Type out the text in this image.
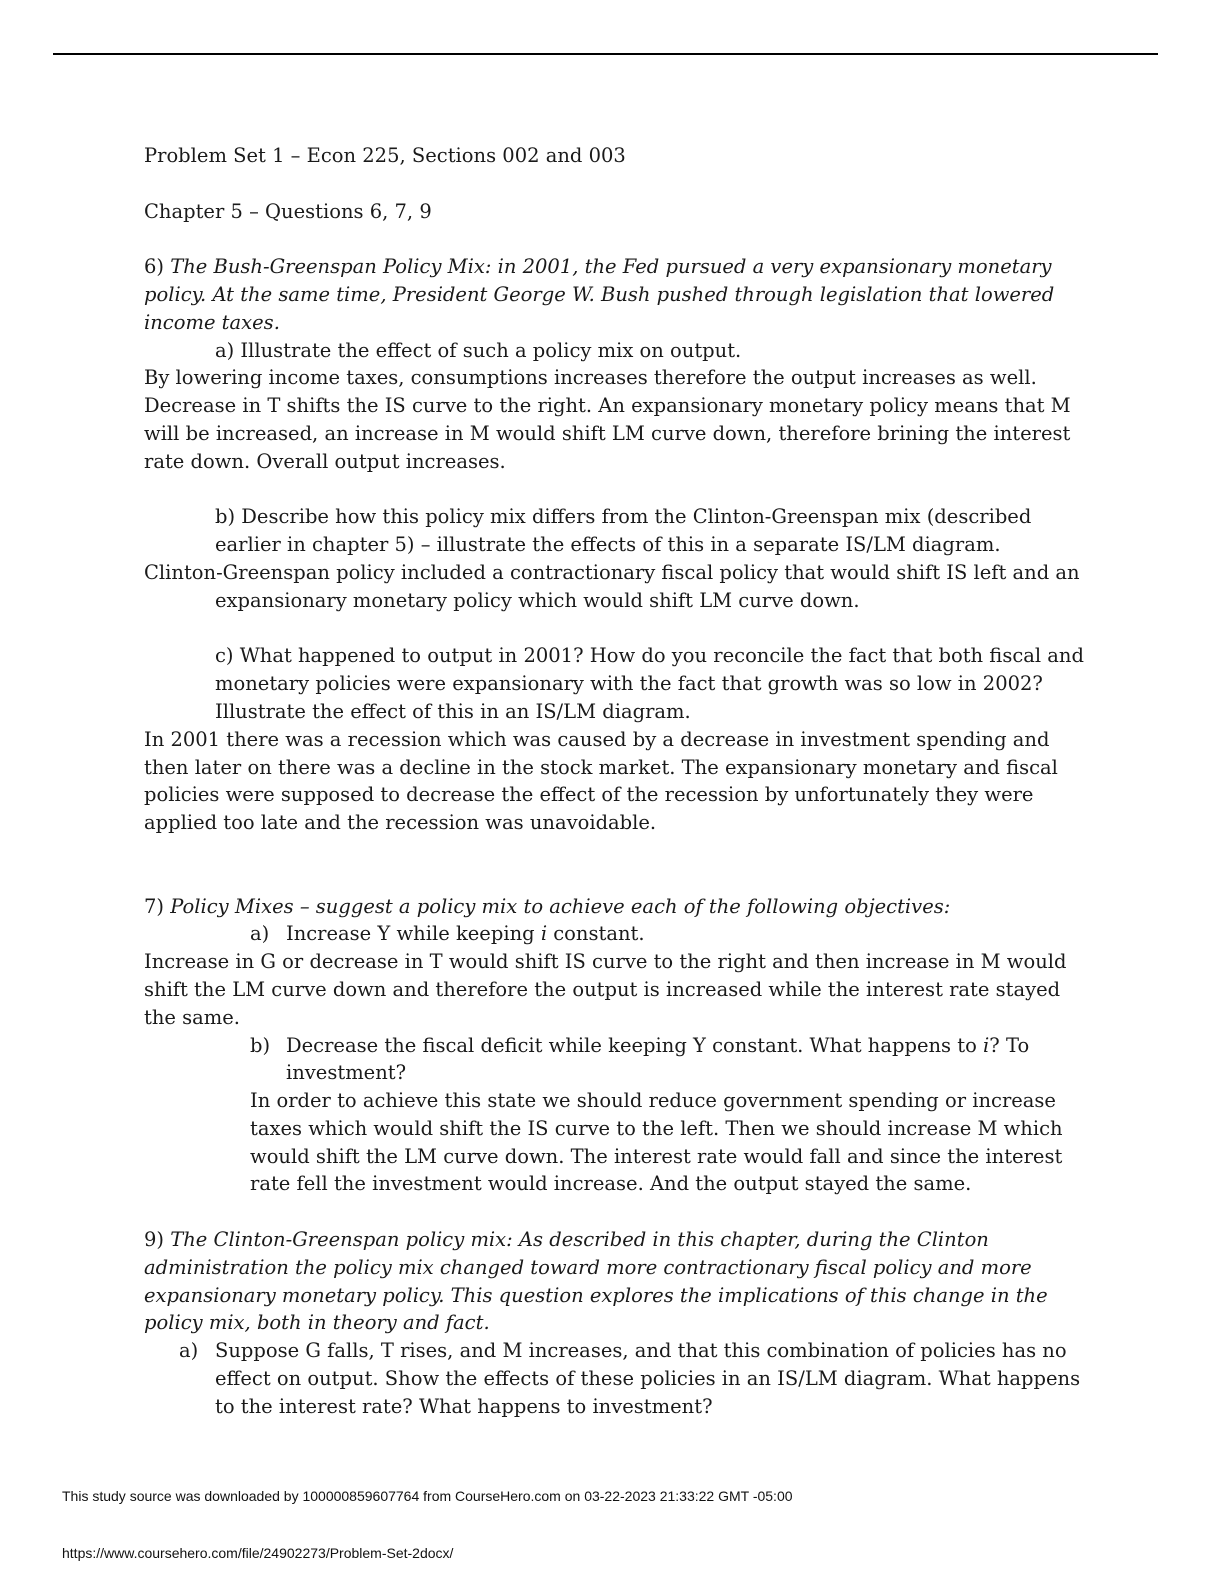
Problem Set 1 – Econ 225, Sections 002 and 003

Chapter 5 – Questions 6, 7, 9

6) The Bush-Greenspan Policy Mix: in 2001, the Fed pursued a very expansionary monetary policy. At the same time, President George W. Bush pushed through legislation that lowered income taxes.

a) Illustrate the effect of such a policy mix on output.

By lowering income taxes, consumptions increases therefore the output increases as well. Decrease in T shifts the IS curve to the right. An expansionary monetary policy means that M will be increased, an increase in M would shift LM curve down, therefore brining the interest rate down. Overall output increases.

b) Describe how this policy mix differs from the Clinton-Greenspan mix (described earlier in chapter 5) – illustrate the effects of this in a separate IS/LM diagram.

Clinton-Greenspan policy included a contractionary fiscal policy that would shift IS left and an expansionary monetary policy which would shift LM curve down.

c) What happened to output in 2001? How do you reconcile the fact that both fiscal and monetary policies were expansionary with the fact that growth was so low in 2002? Illustrate the effect of this in an IS/LM diagram.

In 2001 there was a recession which was caused by a decrease in investment spending and then later on there was a decline in the stock market. The expansionary monetary and fiscal policies were supposed to decrease the effect of the recession by unfortunately they were applied too late and the recession was unavoidable.

7) Policy Mixes – suggest a policy mix to achieve each of the following objectives:

a) Increase Y while keeping i constant.

Increase in G or decrease in T would shift IS curve to the right and then increase in M would shift the LM curve down and therefore the output is increased while the interest rate stayed the same.

b) Decrease the fiscal deficit while keeping Y constant. What happens to i? To investment?

In order to achieve this state we should reduce government spending or increase taxes which would shift the IS curve to the left. Then we should increase M which would shift the LM curve down. The interest rate would fall and since the interest rate fell the investment would increase. And the output stayed the same.

9) The Clinton-Greenspan policy mix: As described in this chapter, during the Clinton administration the policy mix changed toward more contractionary fiscal policy and more expansionary monetary policy. This question explores the implications of this change in the policy mix, both in theory and fact.

a) Suppose G falls, T rises, and M increases, and that this combination of policies has no effect on output. Show the effects of these policies in an IS/LM diagram. What happens to the interest rate? What happens to investment?
This study source was downloaded by 100000859607764 from CourseHero.com on 03-22-2023 21:33:22 GMT -05:00
https://www.coursehero.com/file/24902273/Problem-Set-2docx/
